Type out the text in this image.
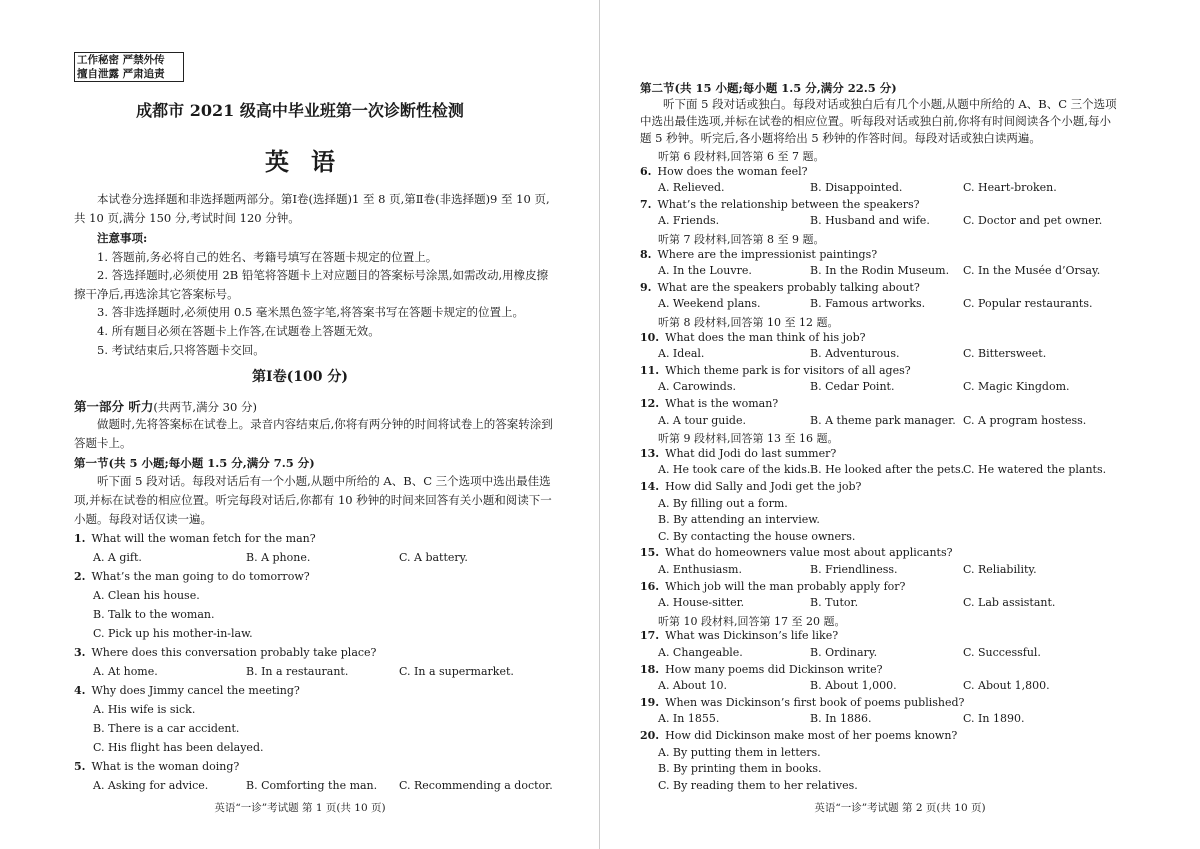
工作秘密 严禁外传
擅自泄露 严肃追责
成都市 2021 级高中毕业班第一次诊断性检测
英语
本试卷分选择题和非选择题两部分。第Ⅰ卷(选择题)1 至 8 页,第Ⅱ卷(非选择题)9 至 10 页,共 10 页,满分 150 分,考试时间 120 分钟。
注意事项:
1. 答题前,务必将自己的姓名、考籍号填写在答题卡规定的位置上。
2. 答选择题时,必须使用 2B 铅笔将答题卡上对应题目的答案标号涂黑,如需改动,用橡皮擦擦干净后,再选涂其它答案标号。
3. 答非选择题时,必须使用 0.5 毫米黑色签字笔,将答案书写在答题卡规定的位置上。
4. 所有题目必须在答题卡上作答,在试题卷上答题无效。
5. 考试结束后,只将答题卡交回。
第Ⅰ卷(100 分)
第一部分 听力(共两节,满分 30 分)
做题时,先将答案标在试卷上。录音内容结束后,你将有两分钟的时间将试卷上的答案转涂到答题卡上。
第一节(共 5 小题;每小题 1.5 分,满分 7.5 分)
听下面 5 段对话。每段对话后有一个小题,从题中所给的 A、B、C 三个选项中选出最佳选项,并标在试卷的相应位置。听完每段对话后,你都有 10 秒钟的时间来回答有关小题和阅读下一小题。每段对话仅读一遍。
1. What will the woman fetch for the man?
A. A gift.	B. A phone.	C. A battery.
2. What’s the man going to do tomorrow?
A. Clean his house.
B. Talk to the woman.
C. Pick up his mother-in-law.
3. Where does this conversation probably take place?
A. At home.	B. In a restaurant.	C. In a supermarket.
4. Why does Jimmy cancel the meeting?
A. His wife is sick.
B. There is a car accident.
C. His flight has been delayed.
5. What is the woman doing?
A. Asking for advice.	B. Comforting the man. C. Recommending a doctor.
英语“一诊”考试题 第 1 页(共 10 页)
第二节(共 15 小题;每小题 1.5 分,满分 22.5 分)
听下面 5 段对话或独白。每段对话或独白后有几个小题,从题中所给的 A、B、C 三个选项中选出最佳选项,并标在试卷的相应位置。听每段对话或独白前,你将有时间阅读各个小题,每小题 5 秒钟。听完后,各小题将给出 5 秒钟的作答时间。每段对话或独白读两遍。
听第 6 段材料,回答第 6 至 7 题。
6. How does the woman feel?
A. Relieved.	B. Disappointed.	C. Heart-broken.
7. What’s the relationship between the speakers?
A. Friends.	B. Husband and wife.	C. Doctor and pet owner.
听第 7 段材料,回答第 8 至 9 题。
8. Where are the impressionist paintings?
A. In the Louvre.	B. In the Rodin Museum. C. In the Musée d’Orsay.
9. What are the speakers probably talking about?
A. Weekend plans.	B. Famous artworks.	C. Popular restaurants.
听第 8 段材料,回答第 10 至 12 题。
10. What does the man think of his job?
A. Ideal.	B. Adventurous.	C. Bittersweet.
11. Which theme park is for visitors of all ages?
A. Carowinds.	B. Cedar Point.	C. Magic Kingdom.
12. What is the woman?
A. A tour guide.	B. A theme park manager. C. A program hostess.
听第 9 段材料,回答第 13 至 16 题。
13. What did Jodi do last summer?
A. He took care of the kids. B. He looked after the pets.
C. He watered the plants.
14. How did Sally and Jodi get the job?
A. By filling out a form.
B. By attending an interview.
C. By contacting the house owners.
15. What do homeowners value most about applicants?
A. Enthusiasm.	B. Friendliness.	C. Reliability.
16. Which job will the man probably apply for?
A. House-sitter.	B. Tutor.	C. Lab assistant.
听第 10 段材料,回答第 17 至 20 题。
17. What was Dickinson’s life like?
A. Changeable.	B. Ordinary.	C. Successful.
18. How many poems did Dickinson write?
A. About 10.	B. About 1,000.	C. About 1,800.
19. When was Dickinson’s first book of poems published?
A. In 1855.	B. In 1886.	C. In 1890.
20. How did Dickinson make most of her poems known?
A. By putting them in letters.
B. By printing them in books.
C. By reading them to her relatives.
英语“一诊”考试题 第 2 页(共 10 页)
